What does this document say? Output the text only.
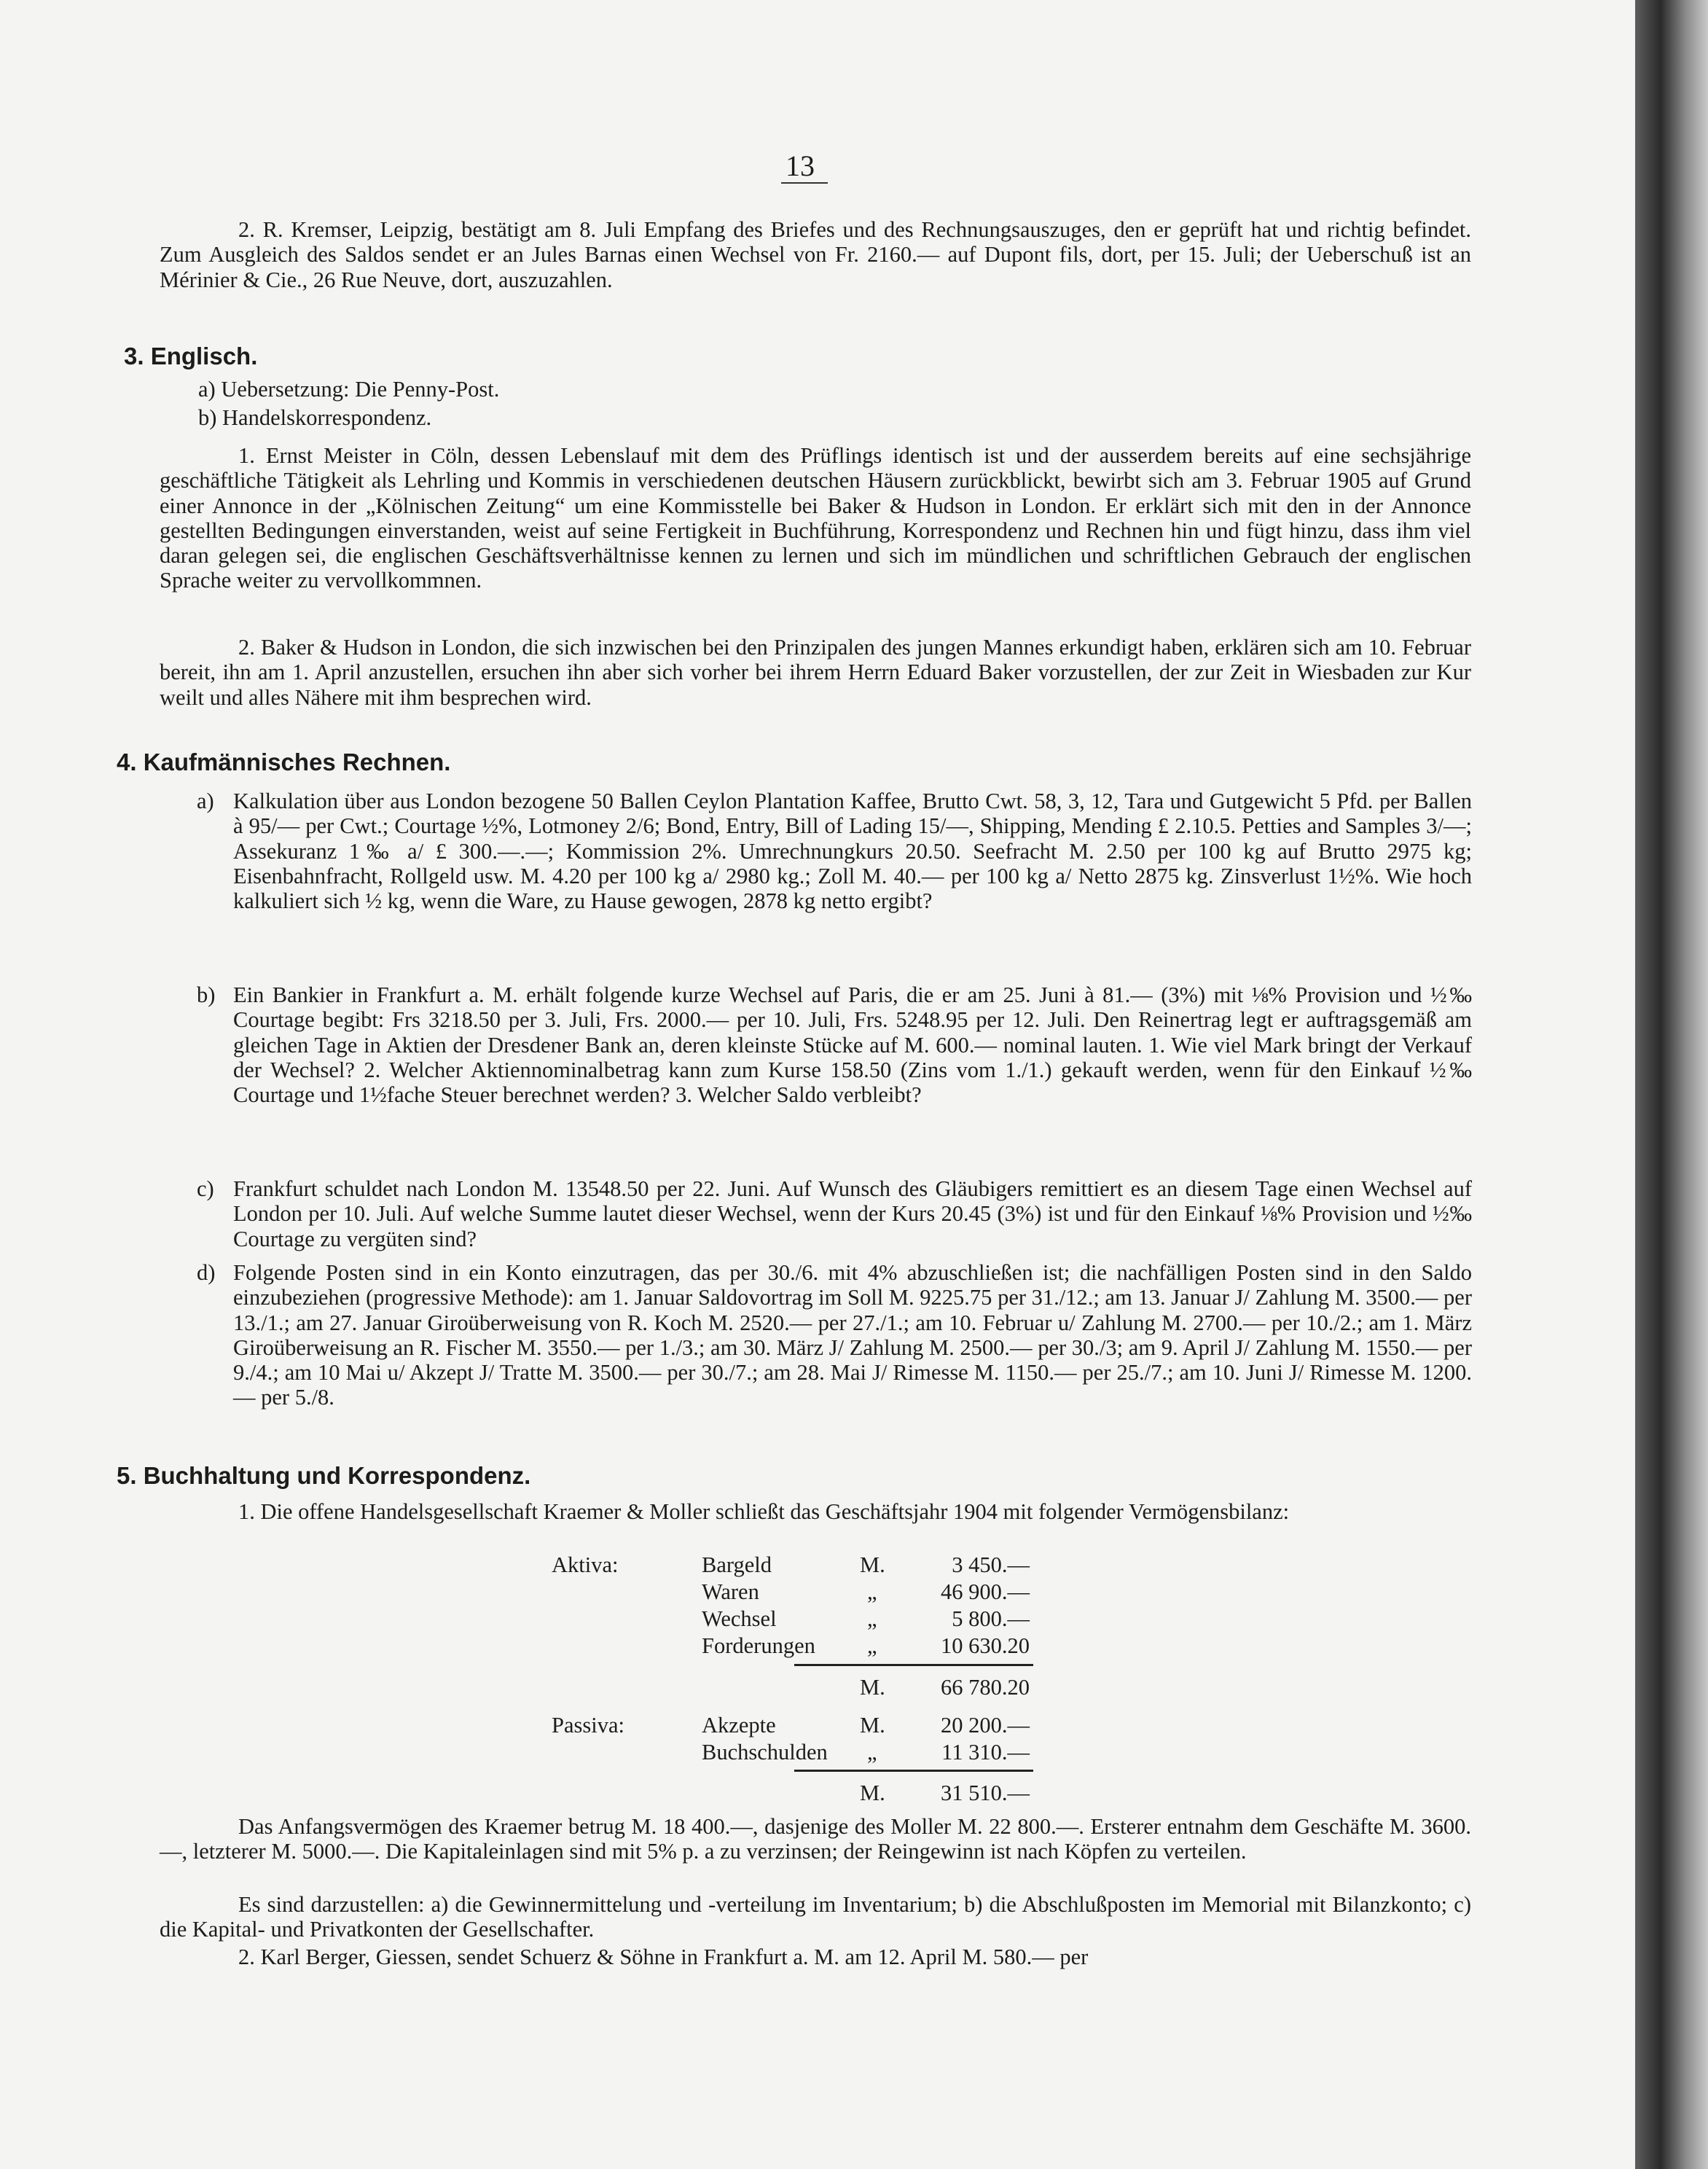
13

2. R. Kremser, Leipzig, bestätigt am 8. Juli Empfang des Briefes und des Rechnungsauszuges, den er geprüft hat und richtig befindet. Zum Ausgleich des Saldos sendet er an Jules Barnas einen Wechsel von Fr. 2160.— auf Dupont fils, dort, per 15. Juli; der Ueberschuß ist an Mérinier & Cie., 26 Rue Neuve, dort, auszuzahlen.

3. Englisch.
a) Uebersetzung: Die Penny-Post.
b) Handelskorrespondenz.

1. Ernst Meister in Cöln, dessen Lebenslauf mit dem des Prüflings identisch ist und der ausserdem bereits auf eine sechsjährige geschäftliche Tätigkeit als Lehrling und Kommis in verschiedenen deutschen Häusern zurückblickt, bewirbt sich am 3. Februar 1905 auf Grund einer Annonce in der „Kölnischen Zeitung“ um eine Kommisstelle bei Baker & Hudson in London. Er erklärt sich mit den in der Annonce gestellten Bedingungen einverstanden, weist auf seine Fertigkeit in Buchführung, Korrespondenz und Rechnen hin und fügt hinzu, dass ihm viel daran gelegen sei, die englischen Geschäftsverhältnisse kennen zu lernen und sich im mündlichen und schriftlichen Gebrauch der englischen Sprache weiter zu vervollkommnen.

2. Baker & Hudson in London, die sich inzwischen bei den Prinzipalen des jungen Mannes erkundigt haben, erklären sich am 10. Februar bereit, ihn am 1. April anzustellen, ersuchen ihn aber sich vorher bei ihrem Herrn Eduard Baker vorzustellen, der zur Zeit in Wiesbaden zur Kur weilt und alles Nähere mit ihm besprechen wird.

4. Kaufmännisches Rechnen.
a) Kalkulation über aus London bezogene 50 Ballen Ceylon Plantation Kaffee, Brutto Cwt. 58, 3, 12, Tara und Gutgewicht 5 Pfd. per Ballen à 95/— per Cwt.; Courtage ½%, Lotmoney 2/6; Bond, Entry, Bill of Lading 15/—, Shipping, Mending £ 2.10.5. Petties and Samples 3/—; Assekuranz 1‰ a/ £ 300.—.—; Kommission 2%. Umrechnungkurs 20.50. Seefracht M. 2.50 per 100 kg auf Brutto 2975 kg; Eisenbahnfracht, Rollgeld usw. M. 4.20 per 100 kg a/ 2980 kg.; Zoll M. 40.— per 100 kg a/ Netto 2875 kg. Zinsverlust 1½%. Wie hoch kalkuliert sich ½ kg, wenn die Ware, zu Hause gewogen, 2878 kg netto ergibt?

b) Ein Bankier in Frankfurt a. M. erhält folgende kurze Wechsel auf Paris, die er am 25. Juni à 81.— (3%) mit ⅛% Provision und ½‰ Courtage begibt: Frs 3218.50 per 3. Juli, Frs. 2000.— per 10. Juli, Frs. 5248.95 per 12. Juli. Den Reinertrag legt er auftragsgemäß am gleichen Tage in Aktien der Dresdener Bank an, deren kleinste Stücke auf M. 600.— nominal lauten. 1. Wie viel Mark bringt der Verkauf der Wechsel? 2. Welcher Aktiennominalbetrag kann zum Kurse 158.50 (Zins vom 1./1.) gekauft werden, wenn für den Einkauf ½‰ Courtage und 1½fache Steuer berechnet werden? 3. Welcher Saldo verbleibt?

c) Frankfurt schuldet nach London M. 13548.50 per 22. Juni. Auf Wunsch des Gläubigers remittiert es an diesem Tage einen Wechsel auf London per 10. Juli. Auf welche Summe lautet dieser Wechsel, wenn der Kurs 20.45 (3%) ist und für den Einkauf ⅛% Provision und ½‰ Courtage zu vergüten sind?

d) Folgende Posten sind in ein Konto einzutragen, das per 30./6. mit 4% abzuschließen ist; die nachfälligen Posten sind in den Saldo einzubeziehen (progressive Methode): am 1. Januar Saldovortrag im Soll M. 9225.75 per 31./12.; am 13. Januar J/ Zahlung M. 3500.— per 13./1.; am 27. Januar Giroüberweisung von R. Koch M. 2520.— per 27./1.; am 10. Februar u/ Zahlung M. 2700.— per 10./2.; am 1. März Giroüberweisung an R. Fischer M. 3550.— per 1./3.; am 30. März J/ Zahlung M. 2500.— per 30./3; am 9. April J/ Zahlung M. 1550.— per 9./4.; am 10 Mai u/ Akzept J/ Tratte M. 3500.— per 30./7.; am 28. Mai J/ Rimesse M. 1150.— per 25./7.; am 10. Juni J/ Rimesse M. 1200.— per 5./8.

5. Buchhaltung und Korrespondenz.

1. Die offene Handelsgesellschaft Kraemer & Moller schließt das Geschäftsjahr 1904 mit folgender Vermögensbilanz:

Aktiva:	Bargeld	M.	3 450.—
Waren	„	46 900.—
Wechsel	„	5 800.—
Forderungen „	10 630.20
M.	66 780.20
Passiva:	Akzepte	M.	20 200.—
Buchschulden „	11 310.—
M.	31 510.—

Das Anfangsvermögen des Kraemer betrug M. 18 400.—, dasjenige des Moller M. 22 800.—. Ersterer entnahm dem Geschäfte M. 3600.—, letzterer M. 5000.—. Die Kapitaleinlagen sind mit 5% p. a zu verzinsen; der Reingewinn ist nach Köpfen zu verteilen.

Es sind darzustellen: a) die Gewinnermittelung und -verteilung im Inventarium; b) die Abschlußposten im Memorial mit Bilanzkonto; c) die Kapital- und Privatkonten der Gesellschafter.

2. Karl Berger, Giessen, sendet Schuerz & Söhne in Frankfurt a. M. am 12. April M. 580.— per
